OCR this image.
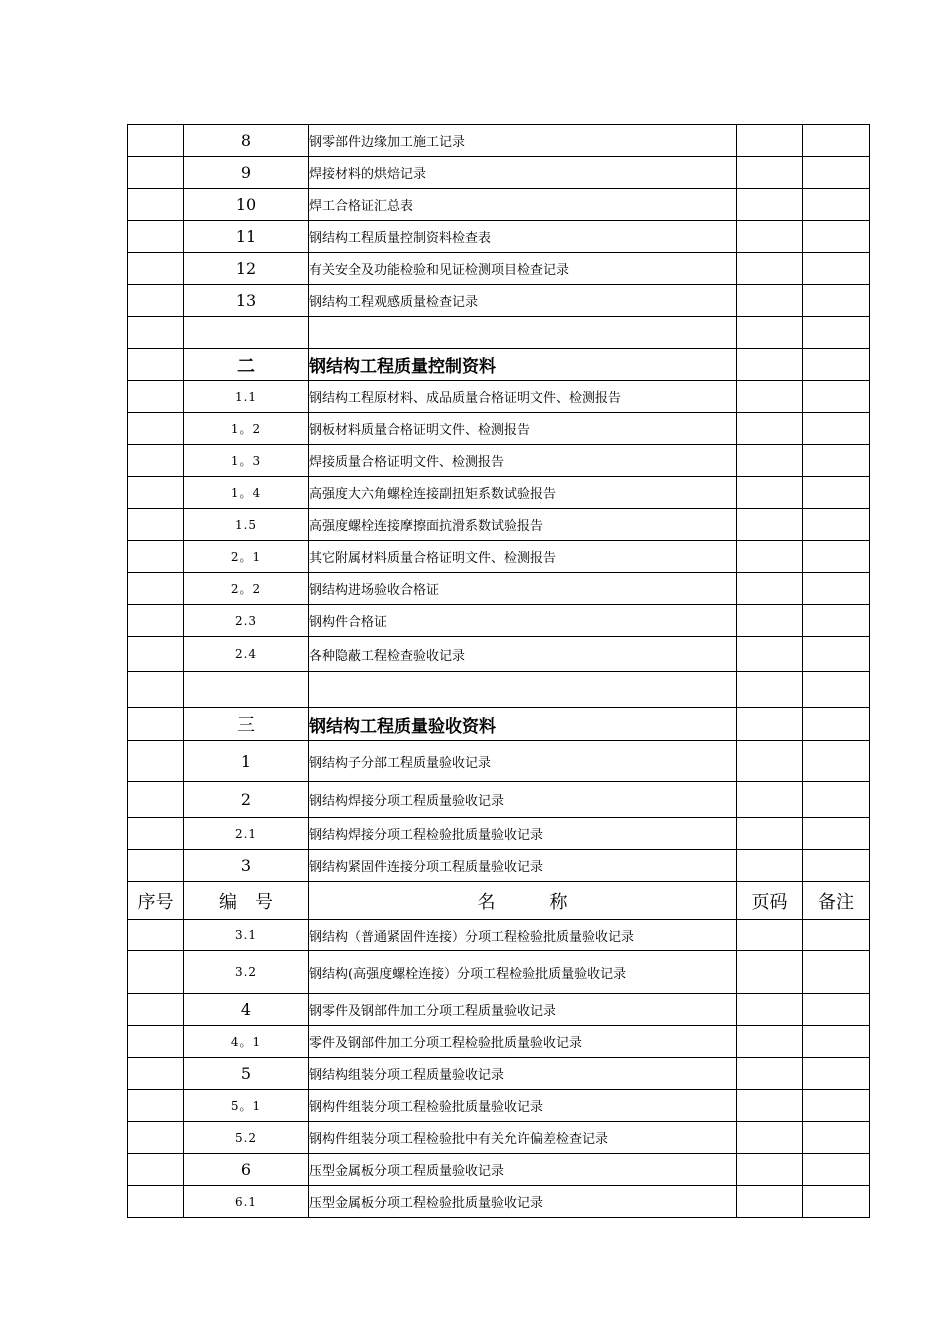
	8	钢零部件边缘加工施工记录		
	9	焊接材料的烘焙记录		
	10	焊工合格证汇总表		
	11	钢结构工程质量控制资料检查表		
	12	有关安全及功能检验和见证检测项目检查记录		
	13	钢结构工程观感质量检查记录		

	二	钢结构工程质量控制资料		
	1.1	钢结构工程原材料、成品质量合格证明文件、检测报告		
	1。2	钢板材料质量合格证明文件、检测报告		
	1。3	焊接质量合格证明文件、检测报告		
	1。4	高强度大六角螺栓连接副扭矩系数试验报告		
	1.5	高强度螺栓连接摩擦面抗滑系数试验报告		
	2。1	其它附属材料质量合格证明文件、检测报告		
	2。2	钢结构进场验收合格证		
	2.3	钢构件合格证		
	2.4	各种隐蔽工程检查验收记录		

	三	钢结构工程质量验收资料		
	1	钢结构子分部工程质量验收记录		
	2	钢结构焊接分项工程质量验收记录		
	2.1	钢结构焊接分项工程检验批质量验收记录		
	3	钢结构紧固件连接分项工程质量验收记录		
序号	编　号	名　　　称	页码	备注
	3.1	钢结构（普通紧固件连接）分项工程检验批质量验收记录		
	3.2	钢结构(高强度螺栓连接）分项工程检验批质量验收记录		
	4	钢零件及钢部件加工分项工程质量验收记录		
	4。1	零件及钢部件加工分项工程检验批质量验收记录		
	5	钢结构组装分项工程质量验收记录		
	5。1	钢构件组装分项工程检验批质量验收记录		
	5.2	钢构件组装分项工程检验批中有关允许偏差检查记录		
	6	压型金属板分项工程质量验收记录		
	6.1	压型金属板分项工程检验批质量验收记录		
